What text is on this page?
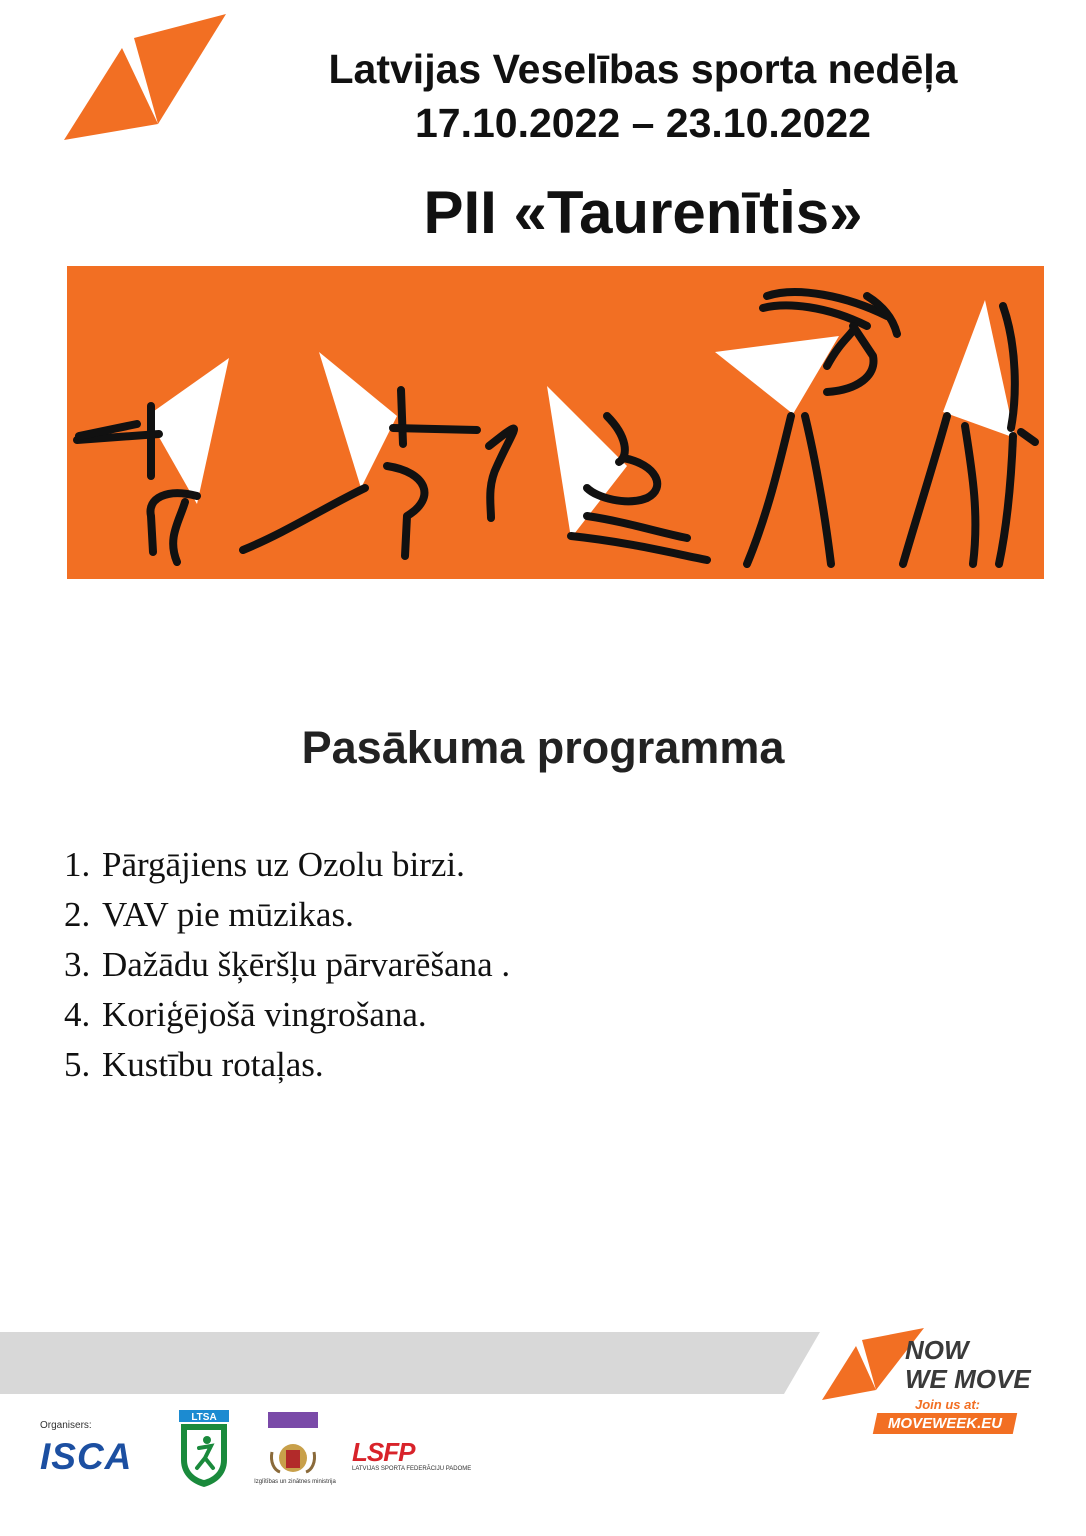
Latvijas Veselības sporta nedēļa
17.10.2022 – 23.10.2022
PII «Taurenītis»
Pasākuma programma
1. Pārgājiens uz Ozolu birzi.
2. VAV pie mūzikas.
3. Dažādu šķēršļu pārvarēšana .
4. Koriģējošā vingrošana.
5. Kustību rotaļas.
Organisers:
ISCA
LTSA
Izglītības un zinātnes ministrija
LSFP
LATVIJAS SPORTA FEDERĀCIJU PADOME
NOW
WE MOVE
Join us at:
MOVEWEEK.EU
